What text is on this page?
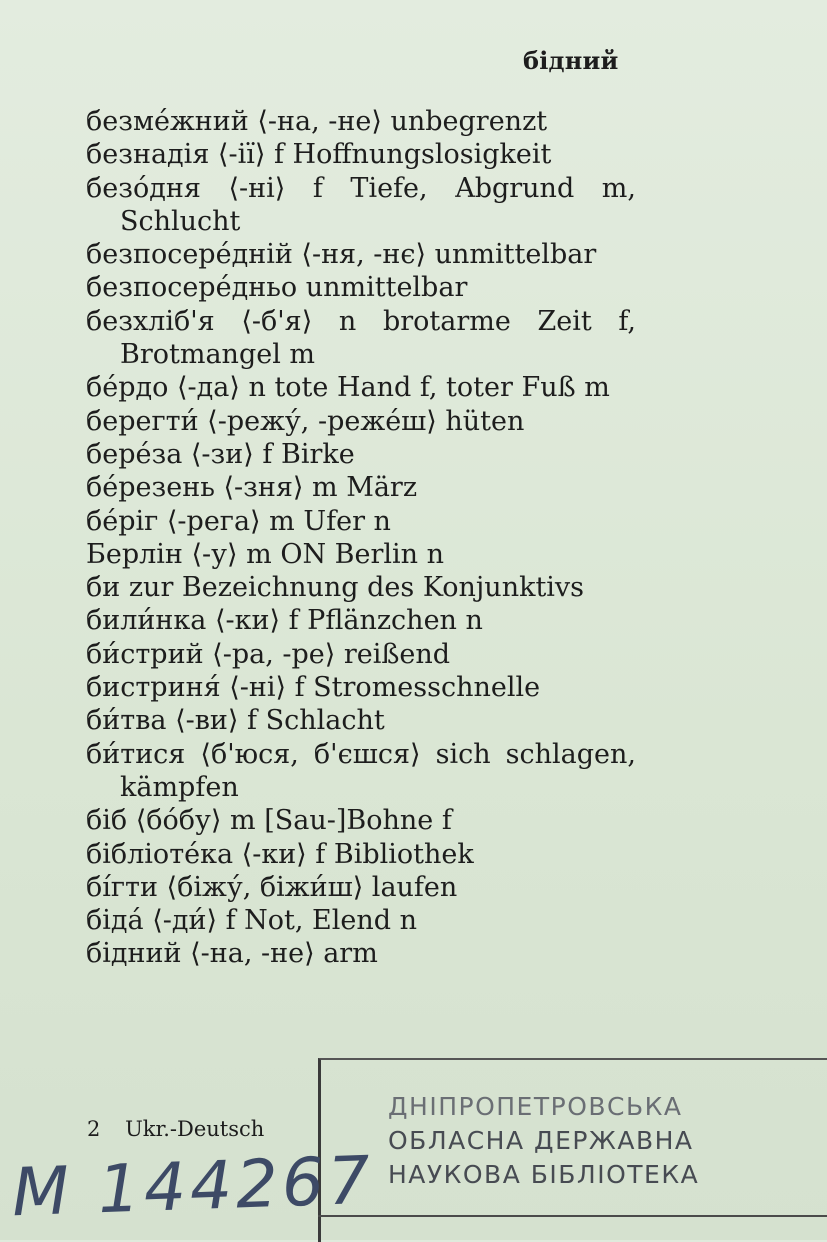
бідний

безме́жний ⟨-на, -не⟩ unbegrenzt

безнадія ⟨-ії⟩ f Hoffnungslosigkeit

безо́дня ⟨-ні⟩ f Tiefe, Abgrund m, Schlucht

безпосере́дній ⟨-ня, -нє⟩ unmittelbar

безпосере́дньо unmittelbar

безхліб'я ⟨-б'я⟩ n brotarme Zeit f, Brotmangel m

бе́рдо ⟨-да⟩ n tote Hand f, toter Fuß m

берегти́ ⟨-режу́, -реже́ш⟩ hüten

бере́за ⟨-зи⟩ f Birke

бе́резень ⟨-зня⟩ m März

бе́ріг ⟨-рега⟩ m Ufer n

Берлін ⟨-у⟩ m ON Berlin n

би zur Bezeichnung des Konjunktivs

били́нка ⟨-ки⟩ f Pflänzchen n

би́стрий ⟨-ра, -ре⟩ reißend

бистриня́ ⟨-ні⟩ f Stromesschnelle

би́тва ⟨-ви⟩ f Schlacht

би́тися ⟨б'юся, б'єшся⟩ sich schlagen, kämpfen

біб ⟨бо́бу⟩ m [Sau-]Bohne f

бібліоте́ка ⟨-ки⟩ f Bibliothek

бі́гти ⟨біжу́, біжи́ш⟩ laufen

біда́ ⟨-ди́⟩ f Not, Elend n

бідний ⟨-на, -не⟩ arm

2 Ukr.-Deutsch
ДНІПРОПЕТРОВСЬКА
ОБЛАСНА ДЕРЖАВНА
НАУКОВА БІБЛІОТЕКА
М 144267
